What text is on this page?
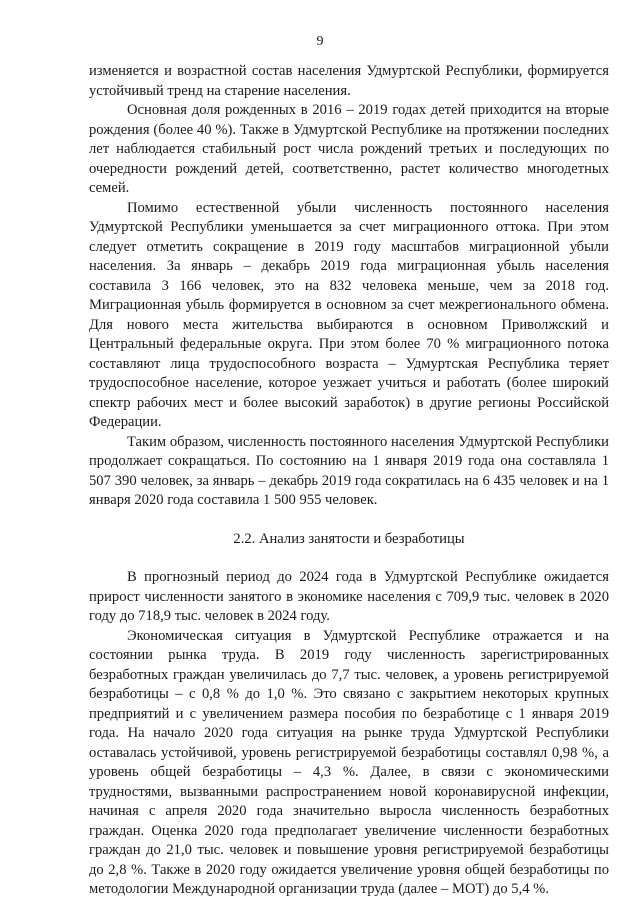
9

изменяется и возрастной состав населения Удмуртской Республики, формируется устойчивый тренд на старение населения.

Основная доля рожденных в 2016 – 2019 годах детей приходится на вторые рождения (более 40 %). Также в Удмуртской Республике на протяжении последних лет наблюдается стабильный рост числа рождений третьих и последующих по очередности рождений детей, соответственно, растет количество многодетных семей.

Помимо естественной убыли численность постоянного населения Удмуртской Республики уменьшается за счет миграционного оттока. При этом следует отметить сокращение в 2019 году масштабов миграционной убыли населения. За январь – декабрь 2019 года миграционная убыль населения составила 3 166 человек, это на 832 человека меньше, чем за 2018 год. Миграционная убыль формируется в основном за счет межрегионального обмена. Для нового места жительства выбираются в основном Приволжский и Центральный федеральные округа. При этом более 70 % миграционного потока составляют лица трудоспособного возраста – Удмуртская Республика теряет трудоспособное население, которое уезжает учиться и работать (более широкий спектр рабочих мест и более высокий заработок) в другие регионы Российской Федерации.

Таким образом, численность постоянного населения Удмуртской Республики продолжает сокращаться. По состоянию на 1 января 2019 года она составляла 1 507 390 человек, за январь – декабрь 2019 года сократилась на 6 435 человек и на 1 января 2020 года составила 1 500 955 человек.

2.2. Анализ занятости и безработицы

В прогнозный период до 2024 года в Удмуртской Республике ожидается прирост численности занятого в экономике населения с 709,9 тыс. человек в 2020 году до 718,9 тыс. человек в 2024 году.

Экономическая ситуация в Удмуртской Республике отражается и на состоянии рынка труда. В 2019 году численность зарегистрированных безработных граждан увеличилась до 7,7 тыс. человек, а уровень регистрируемой безработицы – с 0,8 % до 1,0 %. Это связано с закрытием некоторых крупных предприятий и с увеличением размера пособия по безработице с 1 января 2019 года. На начало 2020 года ситуация на рынке труда Удмуртской Республики оставалась устойчивой, уровень регистрируемой безработицы составлял 0,98 %, а уровень общей безработицы – 4,3 %. Далее, в связи с экономическими трудностями, вызванными распространением новой коронавирусной инфекции, начиная с апреля 2020 года значительно выросла численность безработных граждан. Оценка 2020 года предполагает увеличение численности безработных граждан до 21,0 тыс. человек и повышение уровня регистрируемой безработицы до 2,8 %. Также в 2020 году ожидается увеличение уровня общей безработицы по методологии Международной организации труда (далее – МОТ) до 5,4 %.
